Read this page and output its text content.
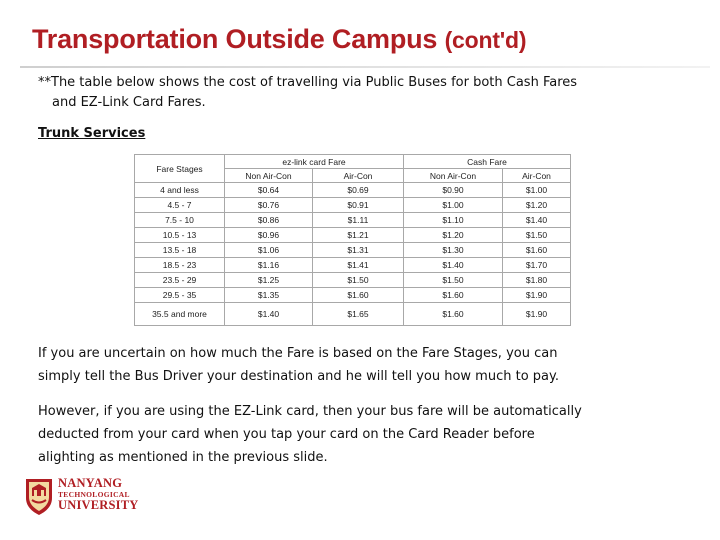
Transportation Outside Campus (cont'd)
**The table below shows the cost of travelling via Public Buses for both Cash Fares
and EZ-Link Card Fares.
Trunk Services
Fare Stages	ez-link card Fare		Cash Fare	
	Non Air-Con	Air-Con	Non Air-Con	Air-Con
4 and less	$0.64	$0.69	$0.90	$1.00
4.5 - 7	$0.76	$0.91	$1.00	$1.20
7.5 - 10	$0.86	$1.11	$1.10	$1.40
10.5 - 13	$0.96	$1.21	$1.20	$1.50
13.5 - 18	$1.06	$1.31	$1.30	$1.60
18.5 - 23	$1.16	$1.41	$1.40	$1.70
23.5 - 29	$1.25	$1.50	$1.50	$1.80
29.5 - 35	$1.35	$1.60	$1.60	$1.90
35.5 and more	$1.40	$1.65	$1.60	$1.90
If you are uncertain on how much the Fare is based on the Fare Stages, you can
simply tell the Bus Driver your destination and he will tell you how much to pay.
However, if you are using the EZ-Link card, then your bus fare will be automatically
deducted from your card when you tap your card on the Card Reader before
alighting as mentioned in the previous slide.
NANYANG
TECHNOLOGICAL
UNIVERSITY
